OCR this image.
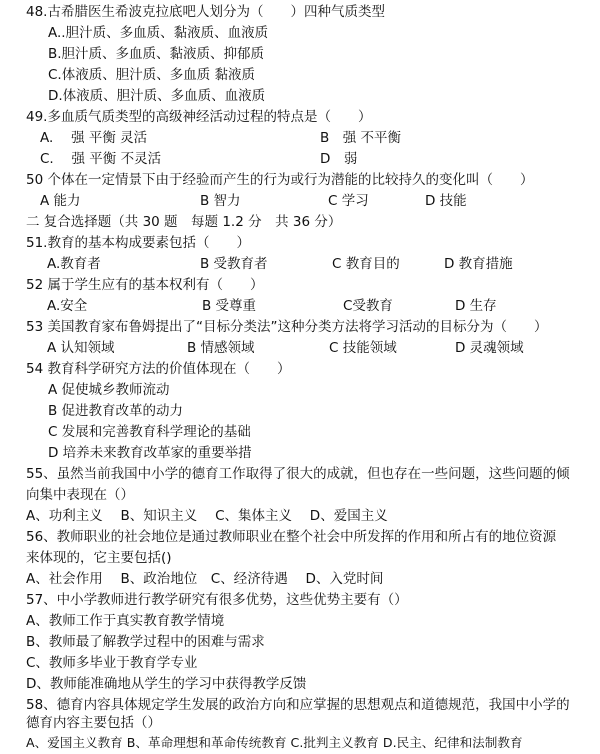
48.古希腊医生希波克拉底吧人划分为（　　）四种气质类型
A..胆汁质、多血质、黏液质、血液质
B.胆汁质、多血质、黏液质、抑郁质
C.体液质、胆汁质、多血质 黏液质
D.体液质、胆汁质、多血质、血液质
49.多血质气质类型的高级神经活动过程的特点是（　　）
A.　 强 平衡 灵活	B　强 不平衡
C.　 强 平衡 不灵活	D　弱
50 个体在一定情景下由于经验而产生的行为或行为潜能的比较持久的变化叫（　　）
A 能力	B 智力	C 学习	D 技能
二 复合选择题（共 30 题　每题 1.2 分　共 36 分）
51.教育的基本构成要素包括（　　）
A.教育者	B 受教育者	C 教育目的	D 教育措施
52 属于学生应有的基本权利有（　　）
A.安全	B 受尊重	C受教育	D 生存
53 美国教育家布鲁姆提出了“目标分类法”这种分类方法将学习活动的目标分为（　　）
A 认知领域	B 情感领域	C 技能领域	D 灵魂领域
54 教育科学研究方法的价值体现在（　　）
A 促使城乡教师流动
B 促进教育改革的动力
C 发展和完善教育科学理论的基础
D 培养未来教育改革家的重要举措
55、虽然当前我国中小学的德育工作取得了很大的成就，但也存在一些问题，这些问题的倾
向集中表现在（）
A、功利主义　 B、知识主义　 C、集体主义　 D、爱国主义
56、教师职业的社会地位是通过教师职业在整个社会中所发挥的作用和所占有的地位资源
来体现的，它主要包括()
A、社会作用　 B、政治地位　C、经济待遇　 D、入党时间
57、中小学教师进行教学研究有很多优势，这些优势主要有（）
A、教师工作于真实教育教学情境
B、教师最了解教学过程中的困难与需求
C、教师多毕业于教育学专业
D、教师能准确地从学生的学习中获得教学反馈
58、德育内容具体规定学生发展的政治方向和应掌握的思想观点和道德规范，我国中小学的
德育内容主要包括（）
A、爱国主义教育 B、革命理想和革命传统教育 C.批判主义教育 D.民主、纪律和法制教育
